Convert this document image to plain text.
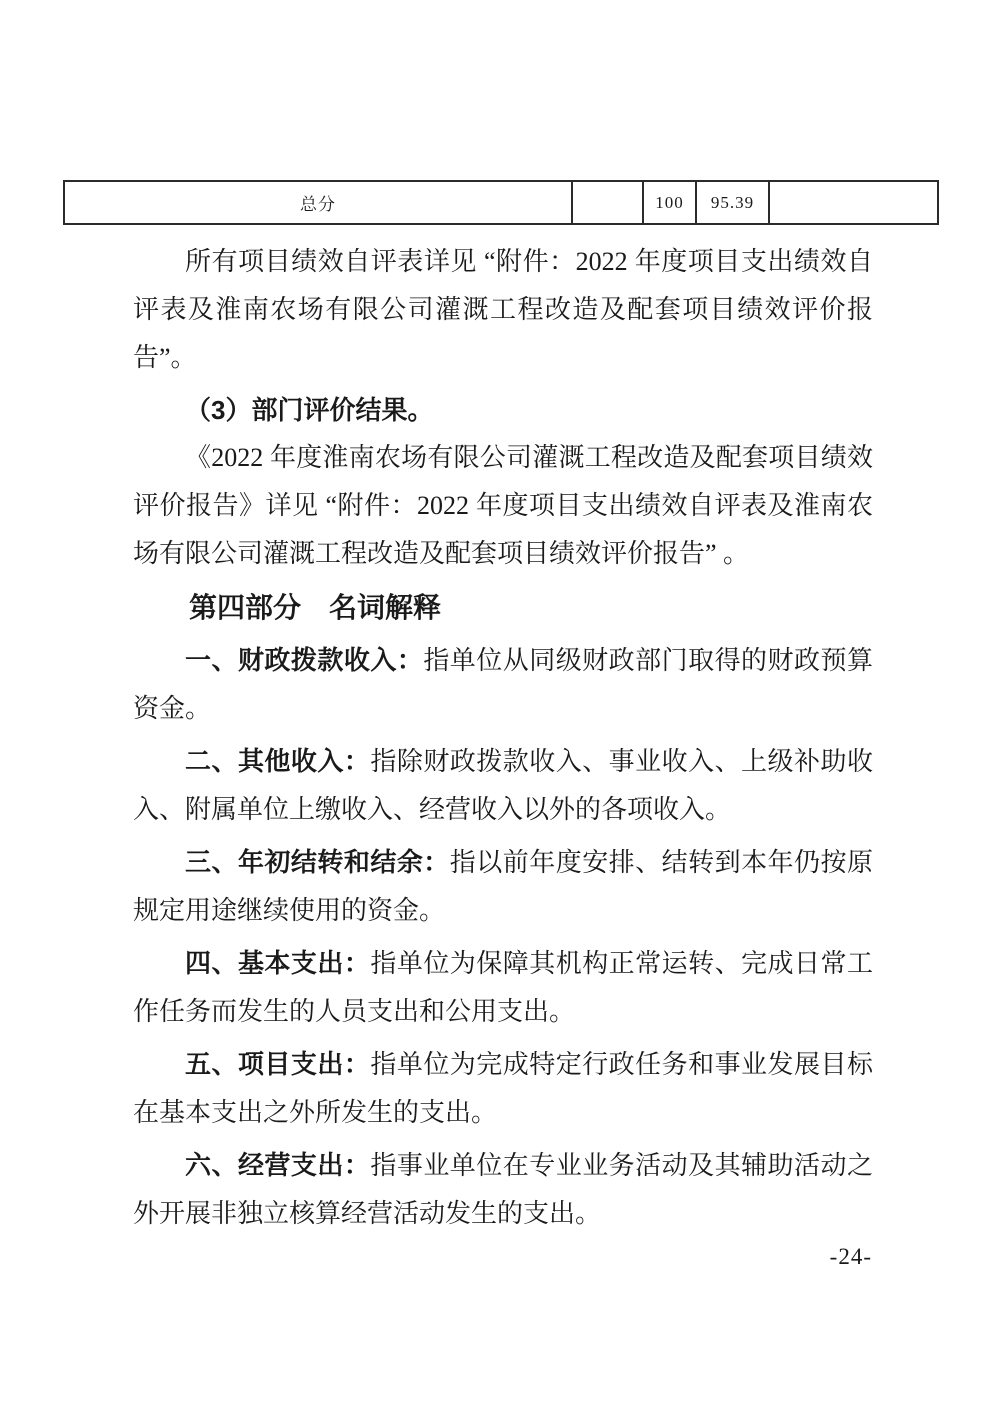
总分		100	95.39	

所有项目绩效自评表详见 “附件：2022 年度项目支出绩效自评表及淮南农场有限公司灌溉工程改造及配套项目绩效评价报告”。

（3）部门评价结果。

《2022 年度淮南农场有限公司灌溉工程改造及配套项目绩效评价报告》详见 “附件：2022 年度项目支出绩效自评表及淮南农场有限公司灌溉工程改造及配套项目绩效评价报告” 。

第四部分　名词解释

一、财政拨款收入：指单位从同级财政部门取得的财政预算资金。

二、其他收入：指除财政拨款收入、事业收入、上级补助收入、附属单位上缴收入、经营收入以外的各项收入。

三、年初结转和结余：指以前年度安排、结转到本年仍按原规定用途继续使用的资金。

四、基本支出：指单位为保障其机构正常运转、完成日常工作任务而发生的人员支出和公用支出。

五、项目支出：指单位为完成特定行政任务和事业发展目标在基本支出之外所发生的支出。

六、经营支出：指事业单位在专业业务活动及其辅助活动之外开展非独立核算经营活动发生的支出。

-24-
